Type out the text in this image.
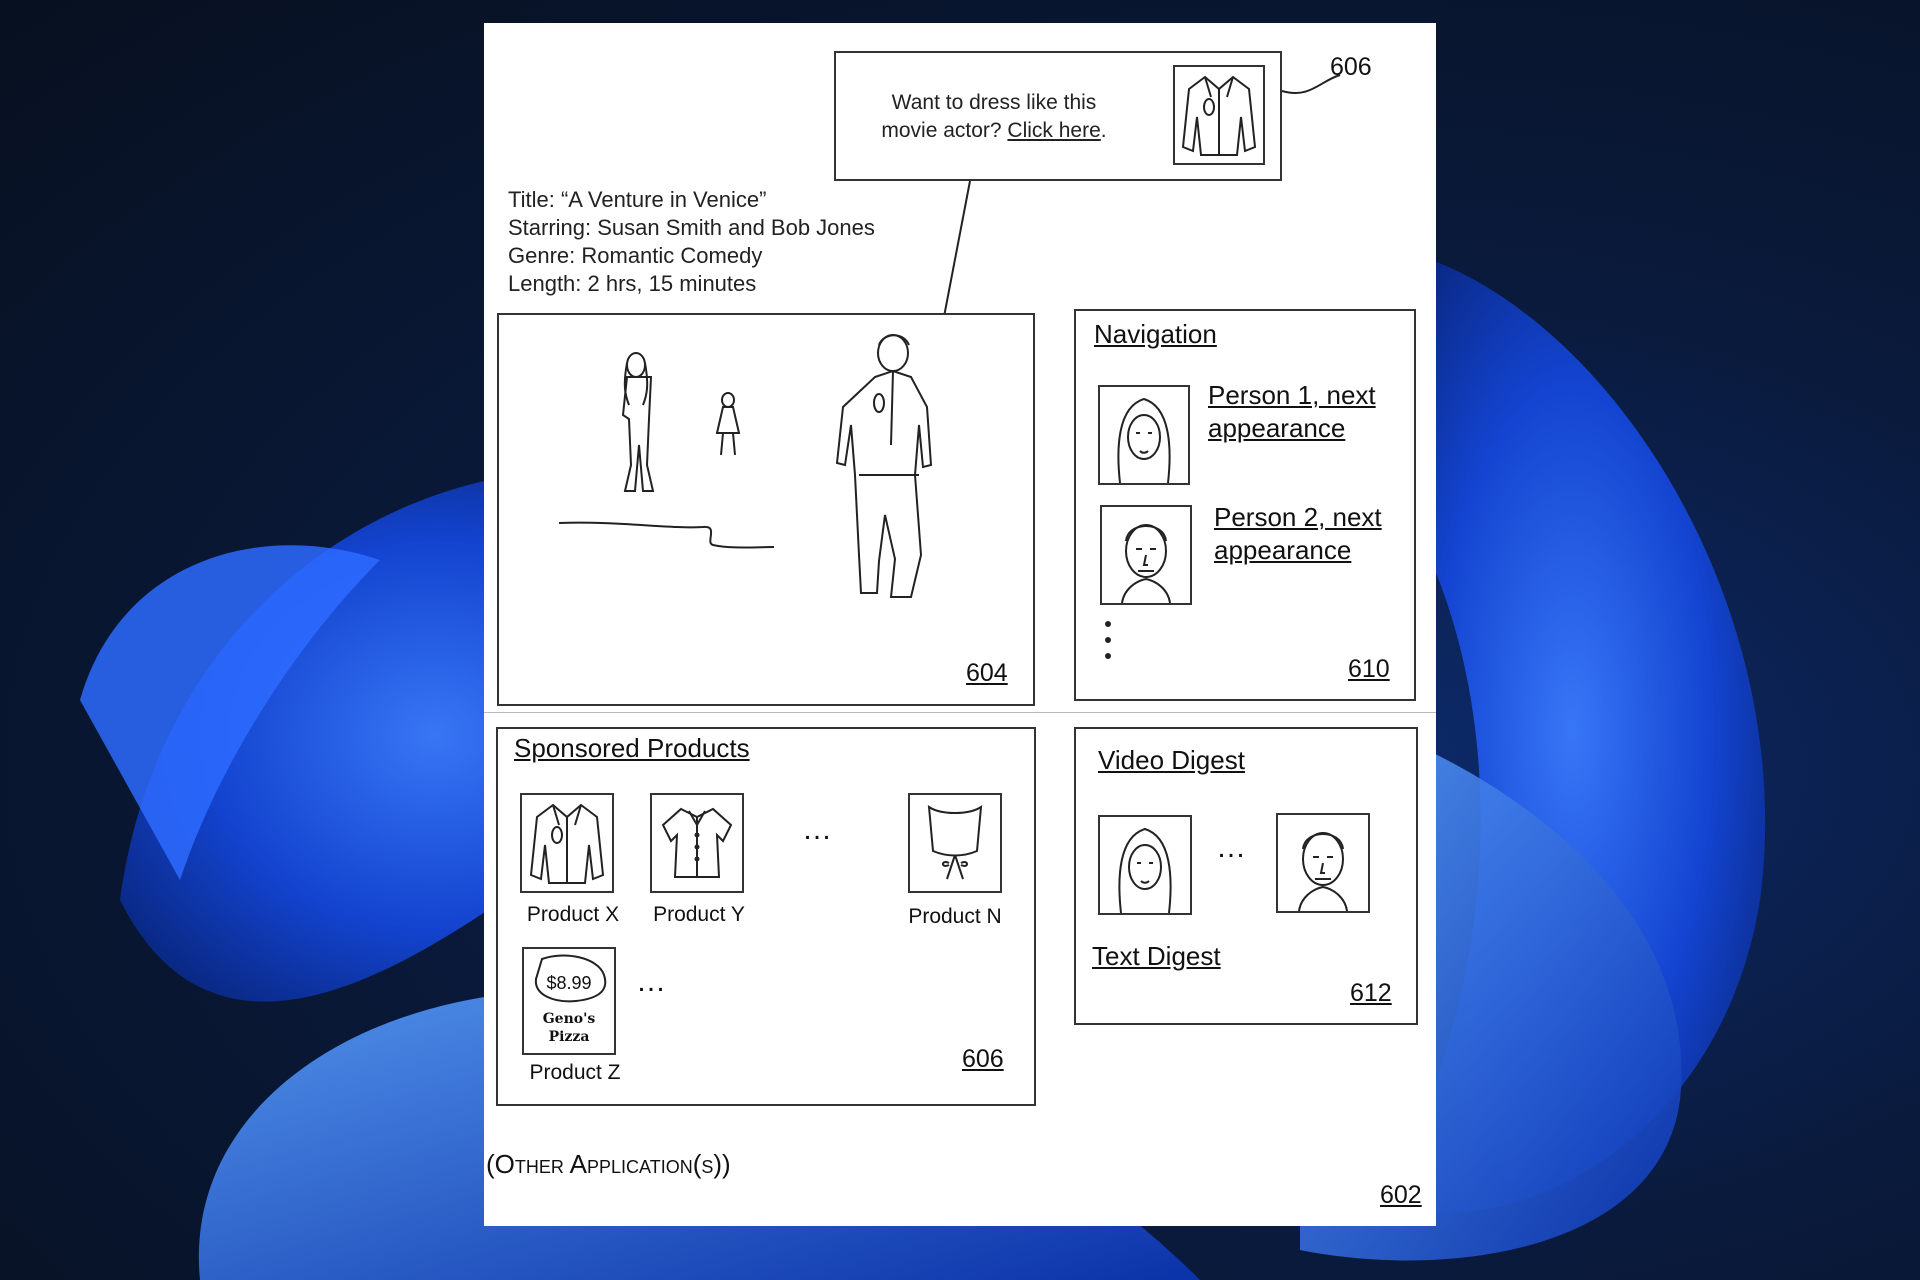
Want to dress like this
movie actor? Click here.
606
Title: “A Venture in Venice”
Starring: Susan Smith and Bob Jones
Genre: Romantic Comedy
Length: 2 hrs, 15 minutes
604
Navigation
Person 1, next
appearance
Person 2, next
appearance
610
Sponsored Products
Product X	Product Y
…
Product N
$8.99
Geno's
Pizza
Product Z
…
606
Video Digest
…
Text Digest
612
(Other Application(s))
602
